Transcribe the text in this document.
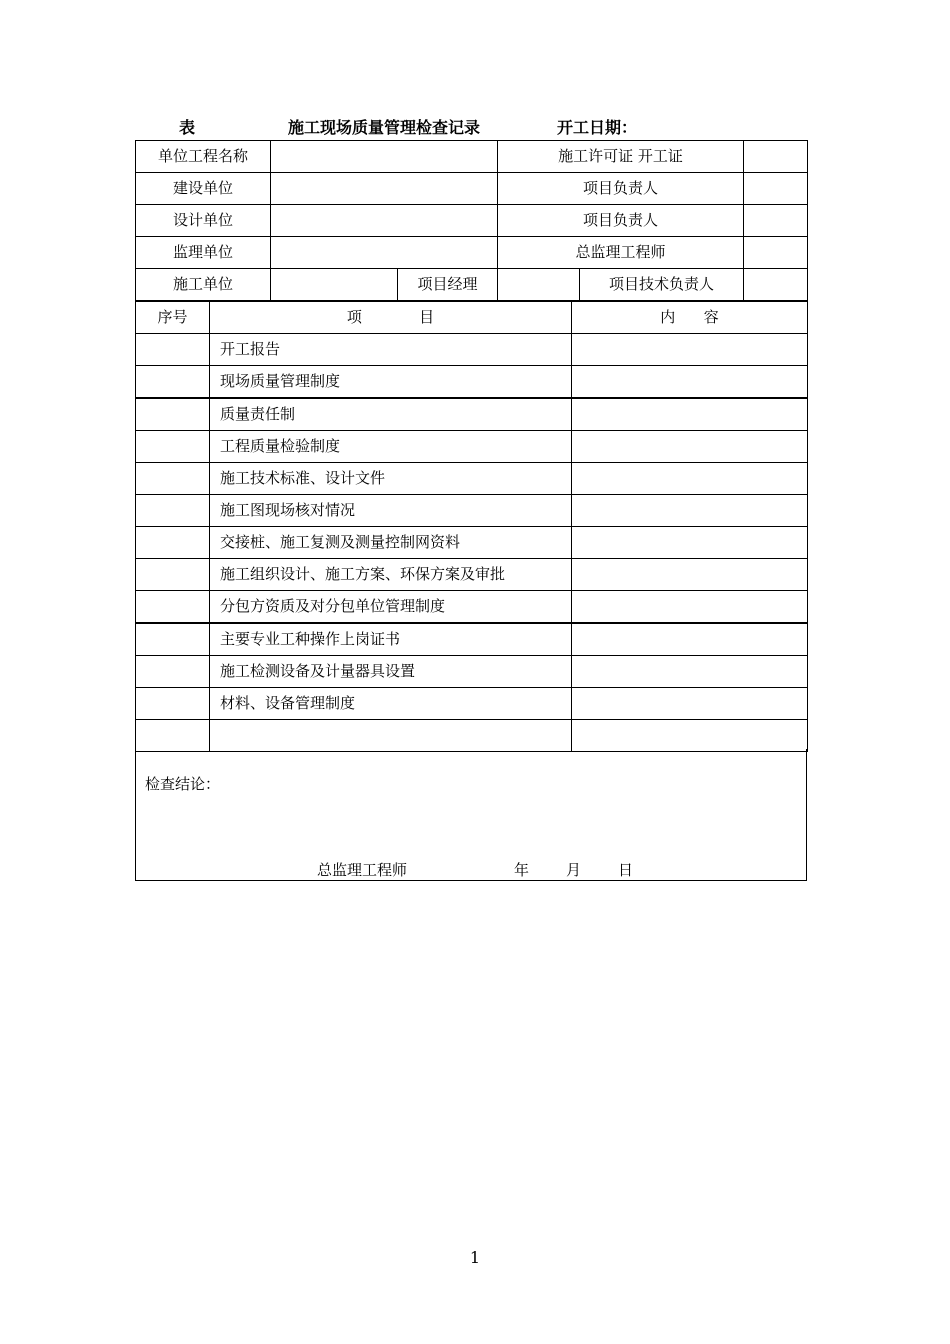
表	施工现场质量管理检查记录	开工日期：
单位工程名称			施工许可证 开工证		
建设单位			项目负责人		
设计单位			项目负责人		
监理单位			总监理工程师		
施工单位		项目经理		项目技术负责人	
序号	项            目	内      容
	开工报告	
	现场质量管理制度	
	质量责任制	
	工程质量检验制度	
	施工技术标准、设计文件	
	施工图现场核对情况	
	交接桩、施工复测及测量控制网资料	
	施工组织设计、施工方案、环保方案及审批	
	分包方资质及对分包单位管理制度	
	主要专业工种操作上岗证书	
	施工检测设备及计量器具设置	
	材料、设备管理制度	

检查结论：
总监理工程师	年 月 日
1
